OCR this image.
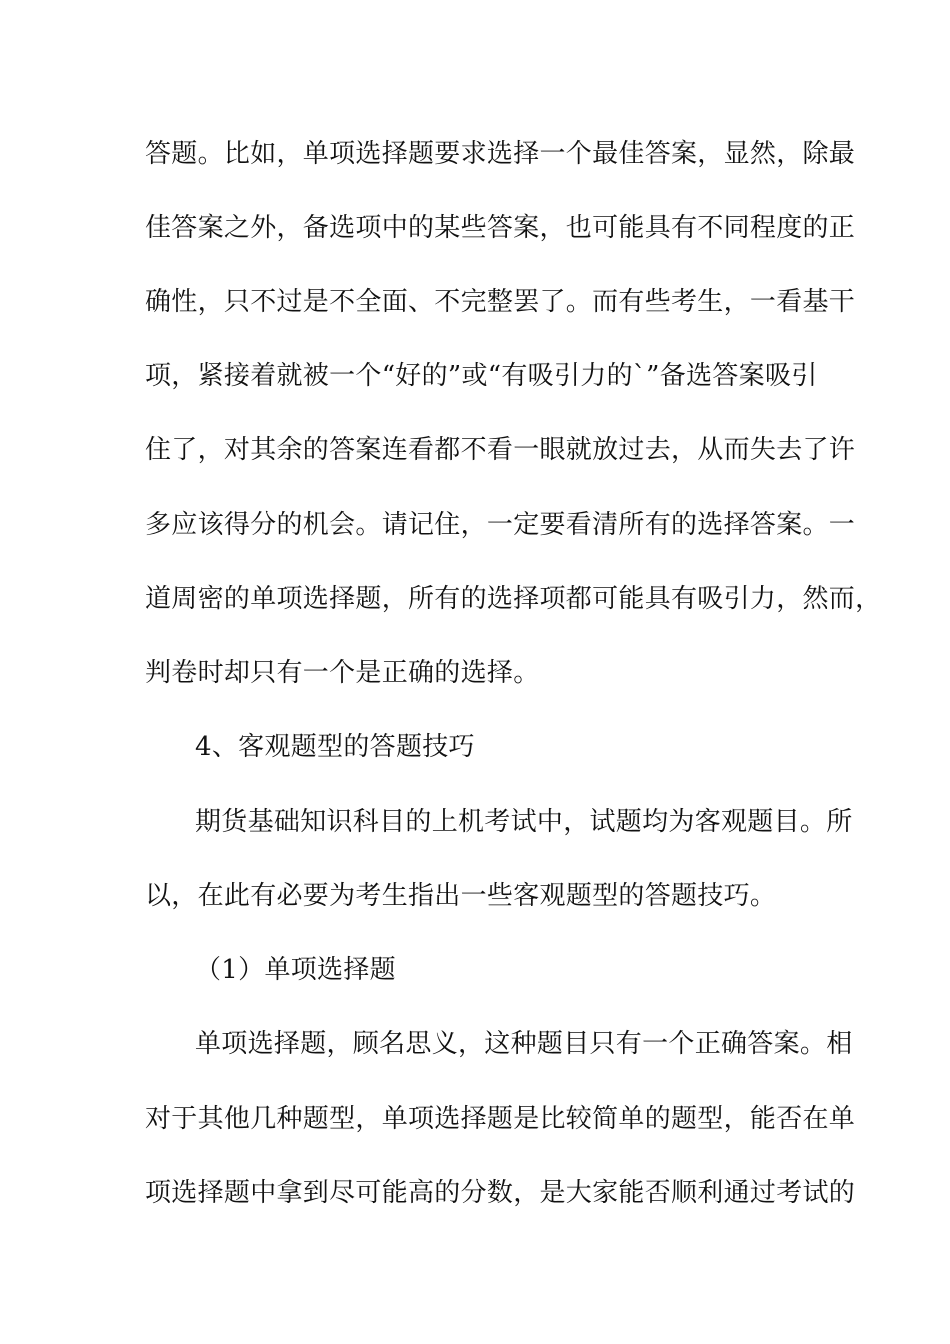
答题。比如，单项选择题要求选择一个最佳答案，显然，除最
佳答案之外，备选项中的某些答案，也可能具有不同程度的正
确性，只不过是不全面、不完整罢了。而有些考生，一看基干
项，紧接着就被一个“好的”或“有吸引力的`”备选答案吸引
住了，对其余的答案连看都不看一眼就放过去，从而失去了许
多应该得分的机会。请记住，一定要看清所有的选择答案。一
道周密的单项选择题，所有的选择项都可能具有吸引力，然而，
判卷时却只有一个是正确的选择。
4、客观题型的答题技巧
期货基础知识科目的上机考试中，试题均为客观题目。所
以，在此有必要为考生指出一些客观题型的答题技巧。
（1）单项选择题
单项选择题，顾名思义，这种题目只有一个正确答案。相
对于其他几种题型，单项选择题是比较简单的题型，能否在单
项选择题中拿到尽可能高的分数，是大家能否顺利通过考试的
